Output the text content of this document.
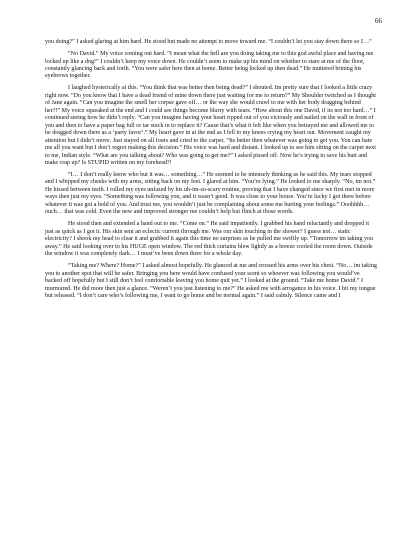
66

you doing?” I asked glaring at him hard. He stood but made no attempt to move toward me. “I couldn’t let you stay down there so I…”

“No David.” My voice coming out hard. “I mean what the hell are you doing taking me to this god awful place and having me locked up like a dog!” I couldn’t keep my voice down. He couldn’t seem to make up his mind on whether to stare at me of the floor, constantly glancing back and forth. “You were safer here then at home. Better being locked up then dead.” He muttered brining his eyebrows together.

I laughed hysterically at this. “You think that was better then being dead?” I shouted. Im pretty sure that I looked a little crazy right now. “Do you know that I have a dead friend of mine down there just waiting for me to return?” My Shoulder twitched as I thought of Jane again. “Can you imagine the smell her corpse gave off… or the way she would crawl to me with her body dragging behind her?!” My voice squeaked at the end and I could see things become blurry with tears. “How about this one David, if its not too hard…” I continued seeing how he didn’t reply. “Can you imagine having your heart ripped out of you viciously and nailed on the wall in front of you and then to have a paper bag full or tar stuck in to replace it? Cause that’s what it felt like when you betrayed me and allowed me to be dragged down there as a ‘party favor’.” My heart gave in at the end as I fell to my knees crying my heart out. Movement caught my attention but I didn’t move. Just stayed on all fours and cried to the carpet. “Its better then whatever was going to get you. You can hate me all you want but I don’t regret making this decision.” His voice was hard and distant. I looked up to see him sitting on the carpet next to me, Indian style. “What are you talking about? Who was going to get me?” I asked pissed off. Now he’s trying to save his butt and make crap up? Is STUPID written on my forehead?!

“I… I don’t really know who but it was… something…” He seemed to be intensely thinking as he said this. My tears stopped and I whipped my cheeks with my arms, sitting back on my feet. I glared at him. “You’re lying.” He looked to me sharply. “No, im not.” He hissed between teeth. I rolled my eyes unfazed by his uh-im-so-scary routine, proving that I have changed since we first met in more ways then just my eyes. “Something was following you, and it wasn’t good. It was close to your house. You’re lucky I got there before whatever it was got a hold of you. And trust me, you wouldn’t just be complaining about some me hurting your feelings.” Ooohhhh… ouch… that was cold. Even the new and improved stronger me couldn’t help but flinch at those words.

He stood then and extended a hand out to me. “Come on.” He said impatiently. I grabbed his hand reluctantly and dropped it just as quick as I got it. His skin sent an eclectic current through me. Was our skin touching in the shower? I guess not… static electricity? I shook my head to clear it and grabbed it again this time no surprises as he pulled me swiftly up. “Tomorrow im taking you away.” He said looking over to his HUGE open window. The red thick curtains blew lightly as a breeze cooled the room down. Outside the window it was completely dark… I must’ve been down there for a whole day.

“Taking me? Where? Home?” I asked almost hopefully. He glanced at me and crossed his arms over his chest. “No… im taking you to another spot that will be safer. Bringing you here would have confused your scent so whoever was following you would’ve backed off hopefully but I still don’t feel comfortable leaving you home quit yet.” I looked at the ground. “Take me home David.” I murmured. He did more then just a glance. “Weren’t you just listening to me?” He asked me with arrogance in his voice. I bit my tongue but released. “I don’t care who’s following me, I want to go home and be normal again.” I said calmly. Silence came and I
